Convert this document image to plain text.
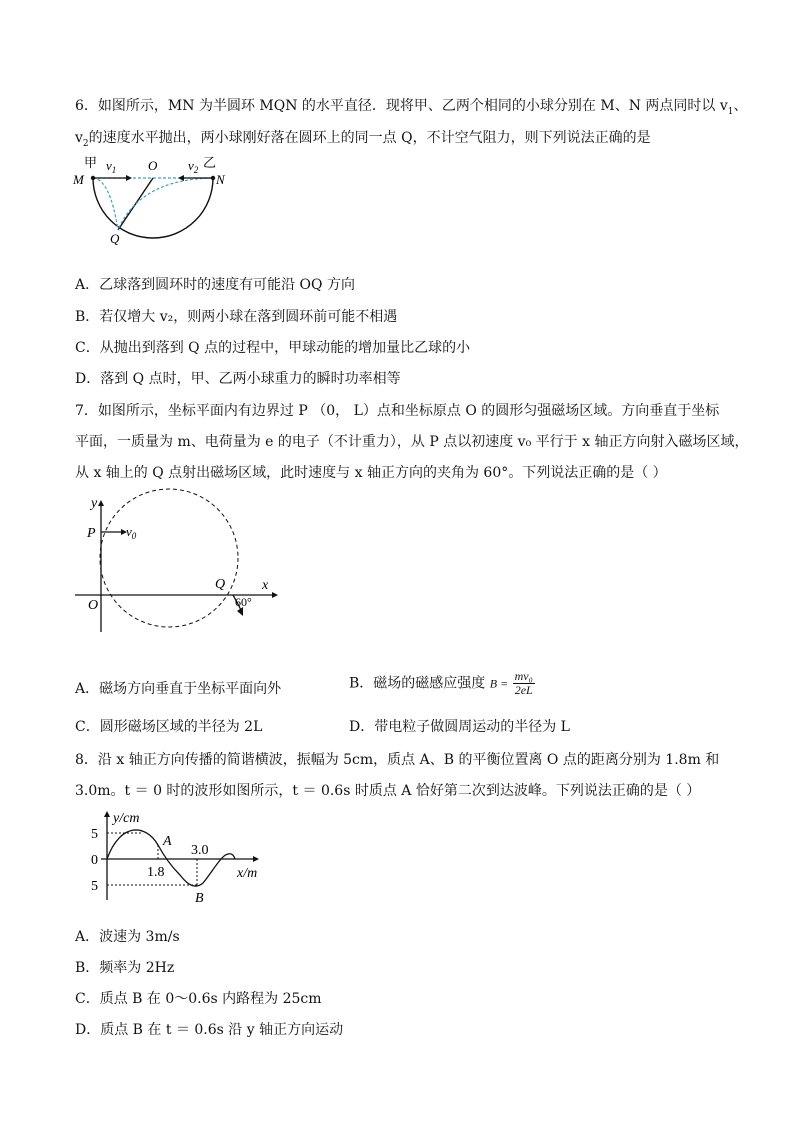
6．如图所示，MN 为半圆环 MQN 的水平直径．现将甲、乙两个相同的小球分别在 M、N 两点同时以 $v_1$、
$v_2$的速度水平抛出，两小球刚好落在圆环上的同一点 Q，不计空气阻力，则下列说法正确的是
甲 $v_1$ O $v_2$ 乙
M	N
Q
A．乙球落到圆环时的速度有可能沿 OQ 方向
B．若仅增大 v₂，则两小球在落到圆环前可能不相遇
C．从抛出到落到 Q 点的过程中，甲球动能的增加量比乙球的小
D．落到 Q 点时，甲、乙两小球重力的瞬时功率相等
7．如图所示，坐标平面内有边界过 P （0， L）点和坐标原点 O 的圆形匀强磁场区域。方向垂直于坐标
平面，一质量为 m、电荷量为 e 的电子（不计重力），从 P 点以初速度 v₀ 平行于 x 轴正方向射入磁场区域，
从 x 轴上的 Q 点射出磁场区域，此时速度与 x 轴正方向的夹角为 60°。下列说法正确的是（ ）
y
x
P
O
Q
$v_0$
60°
A．磁场方向垂直于坐标平面向外	B．磁场的磁感应强度 $B = \frac{\text{mv₀}}{2eL}$
C．圆形磁场区域的半径为 2L	D．带电粒子做圆周运动的半径为 L
8．沿 x 轴正方向传播的简谐横波，振幅为 5cm，质点 A、B 的平衡位置离 O 点的距离分别为 1.8m 和
3.0m。t ＝ 0 时的波形如图所示，t ＝ 0.6s 时质点 A 恰好第二次到达波峰。下列说法正确的是（ ）
y/cm
x/m
5
0
5
1.8
3.0
A
B
A．波速为 3m/s
B．频率为 2Hz
C．质点 B 在 0～0.6s 内路程为 25cm
D．质点 B 在 t ＝ 0.6s 沿 y 轴正方向运动
